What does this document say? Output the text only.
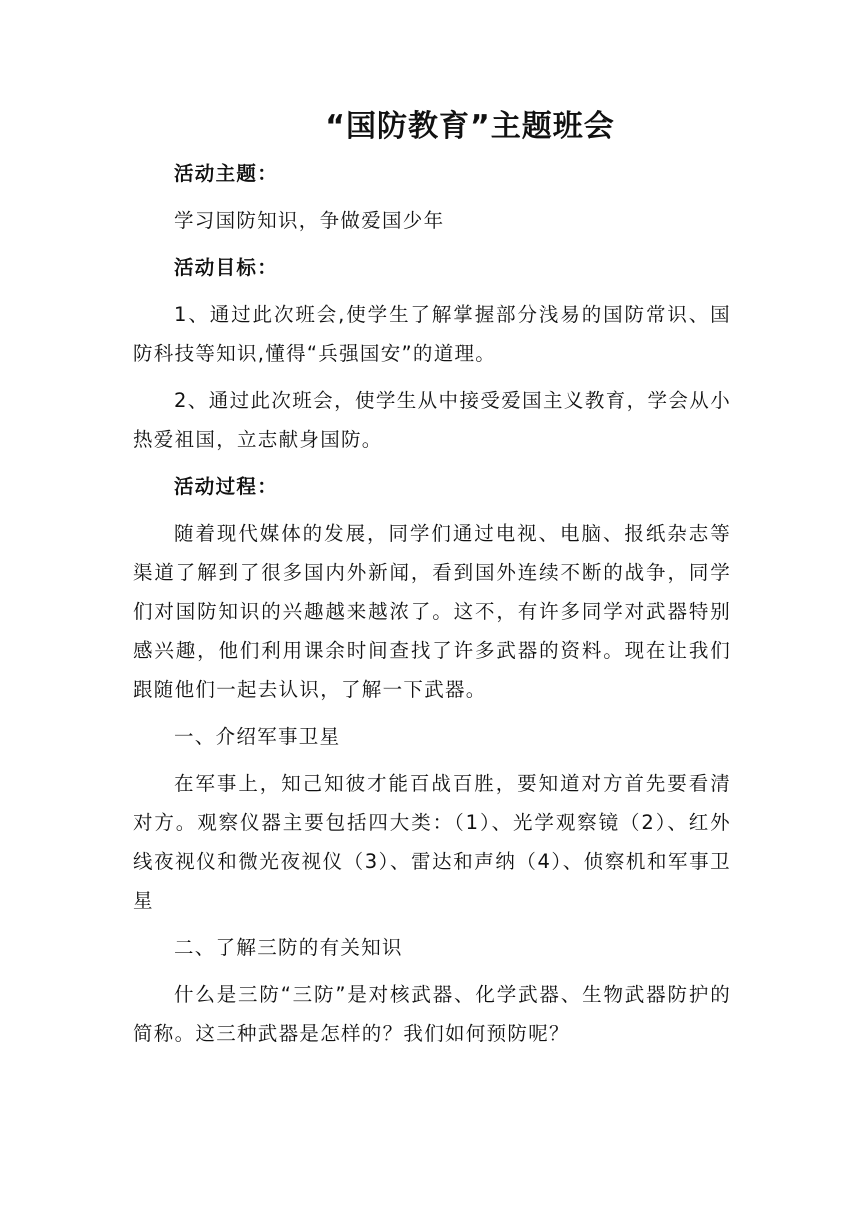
“国防教育”主题班会

活动主题：

学习国防知识，争做爱国少年

活动目标：

1、通过此次班会,使学生了解掌握部分浅易的国防常识、国防科技等知识,懂得“兵强国安”的道理。

2、通过此次班会，使学生从中接受爱国主义教育，学会从小热爱祖国，立志献身国防。

活动过程：

随着现代媒体的发展，同学们通过电视、电脑、报纸杂志等渠道了解到了很多国内外新闻，看到国外连续不断的战争，同学们对国防知识的兴趣越来越浓了。这不，有许多同学对武器特别感兴趣，他们利用课余时间查找了许多武器的资料。现在让我们跟随他们一起去认识，了解一下武器。

一、介绍军事卫星

在军事上，知己知彼才能百战百胜，要知道对方首先要看清对方。观察仪器主要包括四大类：（1）、光学观察镜（2）、红外线夜视仪和微光夜视仪（3）、雷达和声纳（4）、侦察机和军事卫星

二、了解三防的有关知识

什么是三防“三防”是对核武器、化学武器、生物武器防护的简称。这三种武器是怎样的？我们如何预防呢？
